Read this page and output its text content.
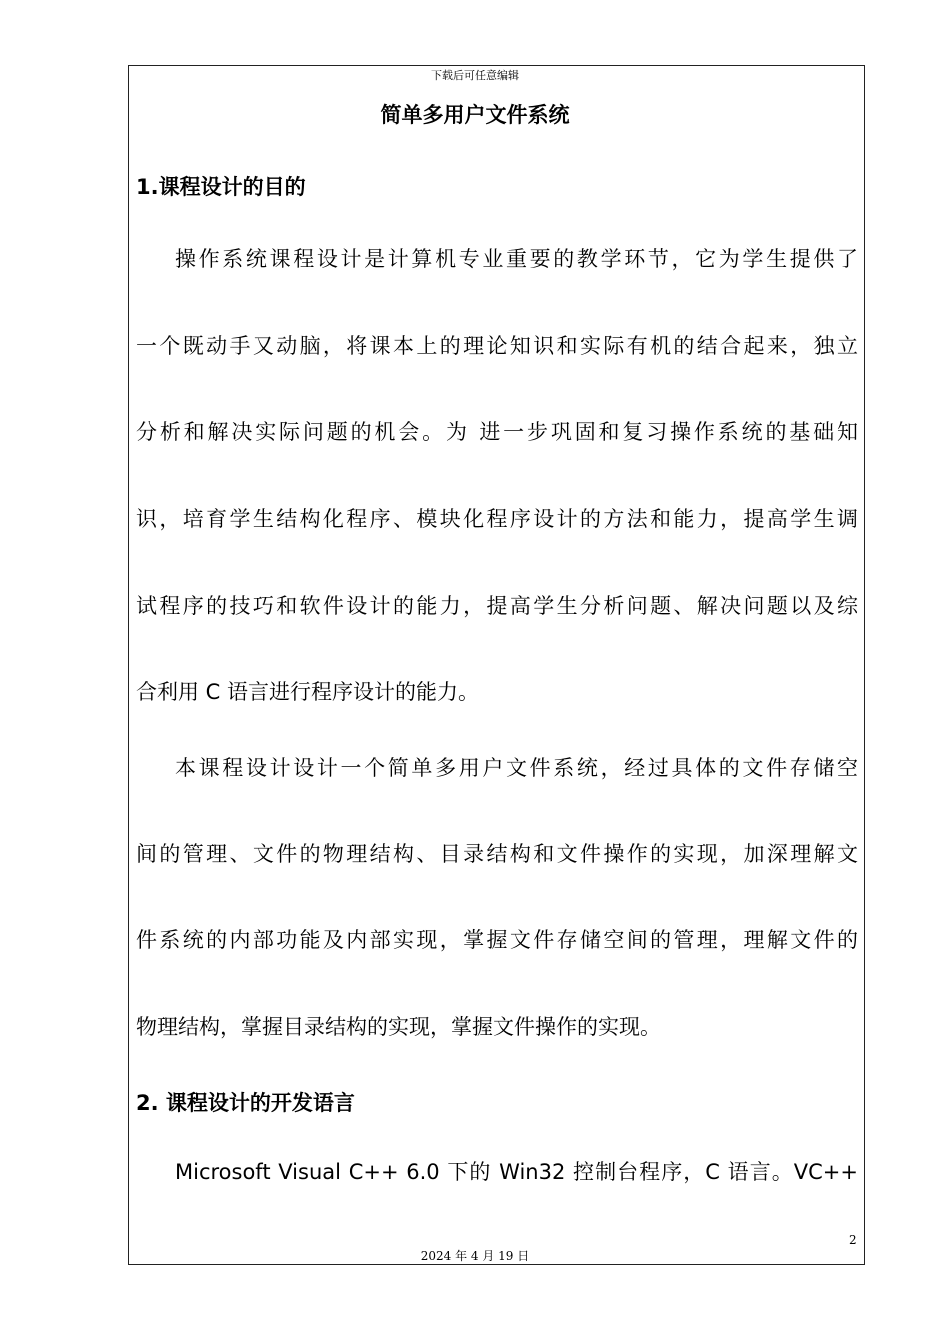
下载后可任意编辑
简单多用户文件系统
1.课程设计的目的
操作系统课程设计是计算机专业重要的教学环节，它为学生提供了
一个既动手又动脑，将课本上的理论知识和实际有机的结合起来，独立
分析和解决实际问题的机会。为 进一步巩固和复习操作系统的基础知
识，培育学生结构化程序、模块化程序设计的方法和能力，提高学生调
试程序的技巧和软件设计的能力，提高学生分析问题、解决问题以及综
合利用 C 语言进行程序设计的能力。
本课程设计设计一个简单多用户文件系统，经过具体的文件存储空
间的管理、文件的物理结构、目录结构和文件操作的实现，加深理解文
件系统的内部功能及内部实现，掌握文件存储空间的管理，理解文件的
物理结构，掌握目录结构的实现，掌握文件操作的实现。
2. 课程设计的开发语言
Microsoft Visual C++ 6.0 下的 Win32 控制台程序，C 语言。VC++
2
2024 年 4 月 19 日
